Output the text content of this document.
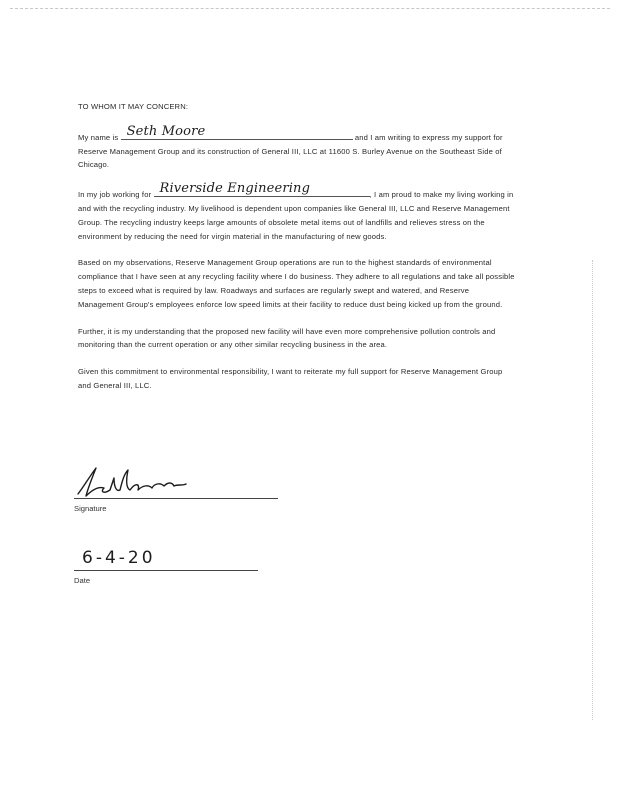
TO WHOM IT MAY CONCERN:

My name is Seth Moore	and I am writing to express my support for Reserve Management Group and its construction of General III, LLC at 11600 S. Burley Avenue on the Southeast Side of Chicago.

In my job working for Riverside Engineering	, I am proud to make my living working in and with the recycling industry. My livelihood is dependent upon companies like General III, LLC and Reserve Management Group. The recycling industry keeps large amounts of obsolete metal items out of landfills and relieves stress on the environment by reducing the need for virgin material in the manufacturing of new goods.

Based on my observations, Reserve Management Group operations are run to the highest standards of environmental compliance that I have seen at any recycling facility where I do business. They adhere to all regulations and take all possible steps to exceed what is required by law. Roadways and surfaces are regularly swept and watered, and Reserve Management Group's employees enforce low speed limits at their facility to reduce dust being kicked up from the ground.

Further, it is my understanding that the proposed new facility will have even more comprehensive pollution controls and monitoring than the current operation or any other similar recycling business in the area.

Given this commitment to environmental responsibility, I want to reiterate my full support for Reserve Management Group and General III, LLC.

Signature
6-4-20
Date
